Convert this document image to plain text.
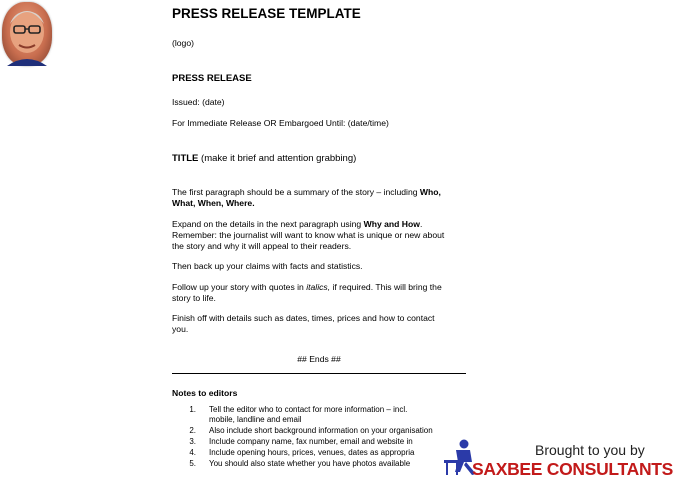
PRESS RELEASE TEMPLATE
(logo)
PRESS RELEASE
Issued: (date)
For Immediate Release OR Embargoed Until: (date/time)
TITLE (make it brief and attention grabbing)
The first paragraph should be a summary of the story – including Who,
What, When, Where.
Expand on the details in the next paragraph using Why and How.
Remember: the journalist will want to know what is unique or new about
the story and why it will appeal to their readers.
Then back up your claims with facts and statistics.
Follow up your story with quotes in italics, if required. This will bring the
story to life.
Finish off with details such as dates, times, prices and how to contact
you.
## Ends ##
Notes to editors
1. Tell the editor who to contact for more information – incl.
mobile, landline and email
2. Also include short background information on your organisation
3. Include company name, fax number, email and website in
4. Include opening hours, prices, venues, dates as appropria
5. You should also state whether you have photos available
Brought to you by
SAXBEE CONSULTANTS
